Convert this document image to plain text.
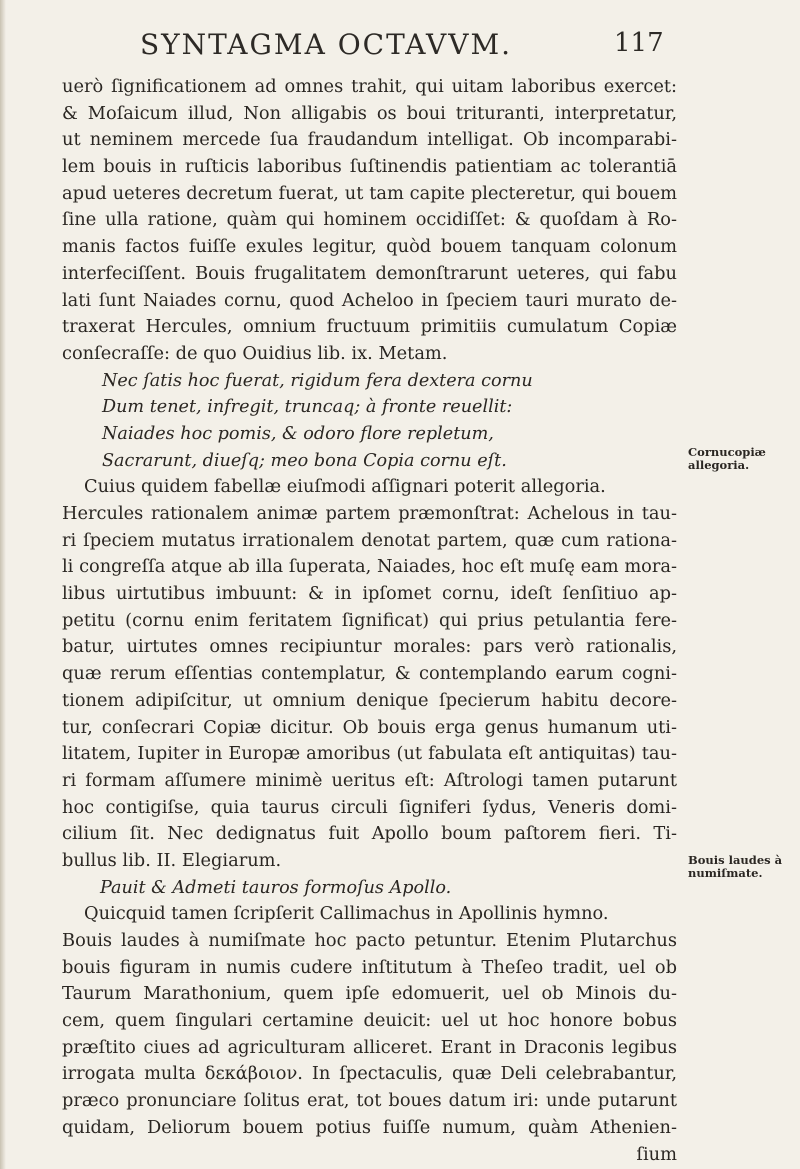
SYNTAGMA OCTAVVM.	117
uerò ſignificationem ad omnes trahit, qui uitam laboribus exercet:
& Moſaicum illud, Non alligabis os boui trituranti, interpretatur,
ut neminem mercede ſua fraudandum intelligat. Ob incomparabi-
lem bouis in ruſticis laboribus ſuſtinendis patientiam ac tolerantiā
apud ueteres decretum fuerat, ut tam capite plecteretur, qui bouem
ſine ulla ratione, quàm qui hominem occidiſſet: & quoſdam à Ro-
manis factos fuiſſe exules legitur, quòd bouem tanquam colonum
interfeciſſent. Bouis frugalitatem demonſtrarunt ueteres, qui fabu
lati ſunt Naiades cornu, quod Acheloo in ſpeciem tauri murato de-
traxerat Hercules, omnium fructuum primitiis cumulatum Copiæ
conſecraſſe: de quo Ouidius lib. ix. Metam.
Nec ſatis hoc fuerat, rigidum fera dextera cornu
Dum tenet, infregit, truncaq; à fronte reuellit:
Naiades hoc pomis, & odoro flore repletum,
Sacrarunt, diueſq; meo bona Copia cornu eſt.
Cuius quidem fabellæ eiuſmodi aſſignari poterit allegoria.
Hercules rationalem animæ partem præmonſtrat: Achelous in tau-
ri ſpeciem mutatus irrationalem denotat partem, quæ cum rationa-
li congreſſa atque ab illa ſuperata, Naiades, hoc eſt muſę eam mora-
libus uirtutibus imbuunt: & in ipſomet cornu, ideſt ſenſitiuo ap-
petitu (cornu enim feritatem ſignificat) qui prius petulantia fere-
batur, uirtutes omnes recipiuntur morales: pars verò rationalis,
quæ rerum eſſentias contemplatur, & contemplando earum cogni-
tionem adipiſcitur, ut omnium denique ſpecierum habitu decore-
tur, conſecrari Copiæ dicitur. Ob bouis erga genus humanum uti-
litatem, Iupiter in Europæ amoribus (ut fabulata eſt antiquitas) tau-
ri formam aſſumere minimè ueritus eſt: Aſtrologi tamen putarunt
hoc contigiſse, quia taurus circuli ſigniferi ſydus, Veneris domi-
cilium ſit. Nec dedignatus fuit Apollo boum paſtorem fieri. Ti-
bullus lib. II. Elegiarum.
Pauit & Admeti tauros formoſus Apollo.
Quicquid tamen ſcripſerit Callimachus in Apollinis hymno.
Bouis laudes à numiſmate hoc pacto petuntur. Etenim Plutarchus
bouis figuram in numis cudere inſtitutum à Theſeo tradit, uel ob
Taurum Marathonium, quem ipſe edomuerit, uel ob Minois du-
cem, quem ſingulari certamine deuicit: uel ut hoc honore bobus
præſtito ciues ad agriculturam alliceret. Erant in Draconis legibus
irrogata multa δεκάβοιον. In ſpectaculis, quæ Deli celebrabantur,
præco pronunciare ſolitus erat, tot boues datum iri: unde putarunt
quidam, Deliorum bouem potius fuiſſe numum, quàm Athenien-
ſium
Cornucopiæ allegoria.
Bouis laudes à numiſmate.
